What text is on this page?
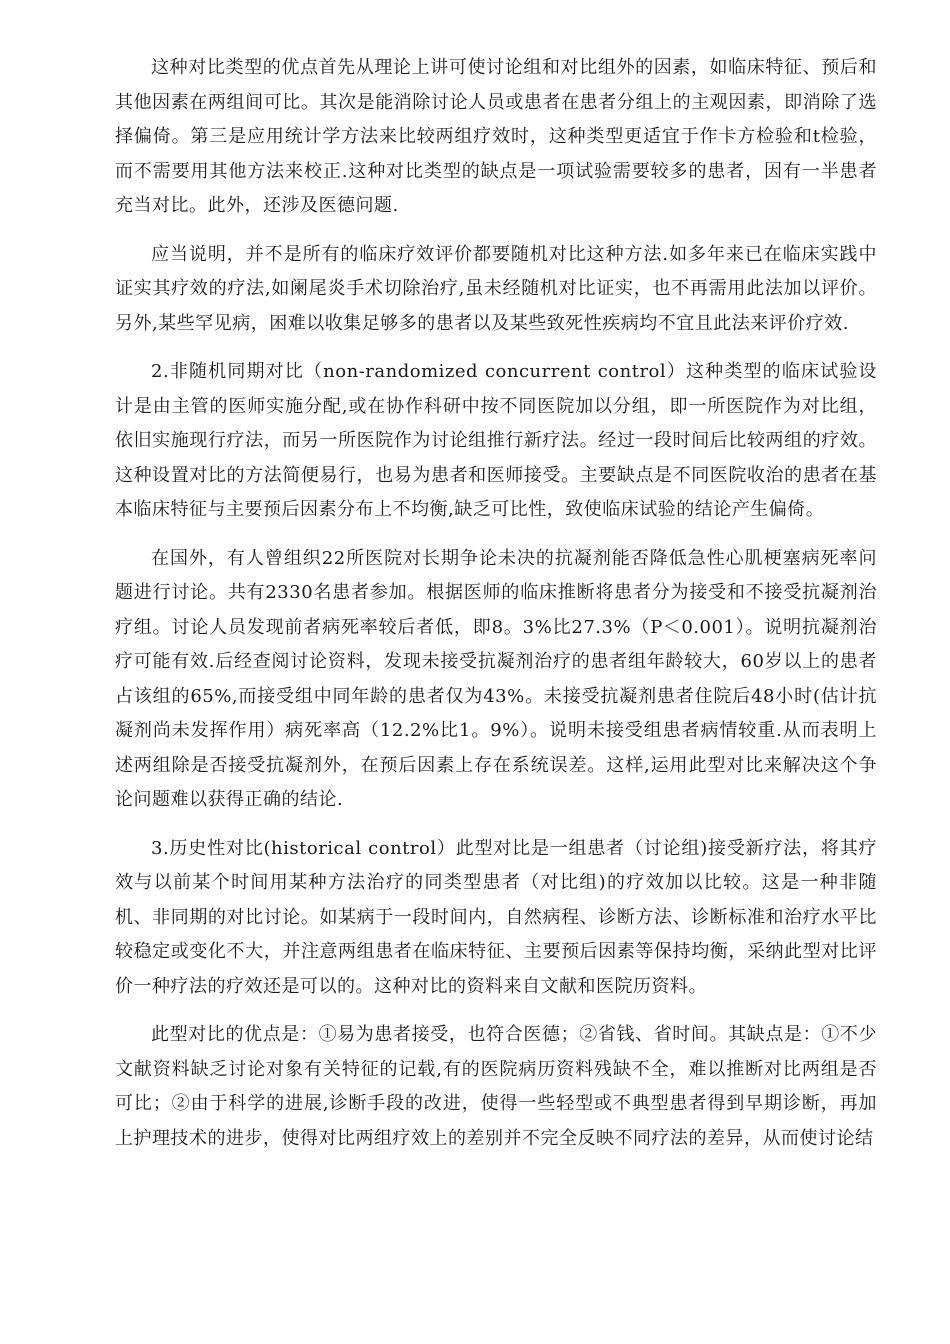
这种对比类型的优点首先从理论上讲可使讨论组和对比组外的因素，如临床特征、预后和其他因素在两组间可比。其次是能消除讨论人员或患者在患者分组上的主观因素，即消除了选择偏倚。第三是应用统计学方法来比较两组疗效时，这种类型更适宜于作卡方检验和t检验，而不需要用其他方法来校正.这种对比类型的缺点是一项试验需要较多的患者，因有一半患者充当对比。此外，还涉及医德问题.

应当说明，并不是所有的临床疗效评价都要随机对比这种方法.如多年来已在临床实践中证实其疗效的疗法,如阑尾炎手术切除治疗,虽未经随机对比证实，也不再需用此法加以评价。另外,某些罕见病，困难以收集足够多的患者以及某些致死性疾病均不宜且此法来评价疗效.

2.非随机同期对比（non-randomized concurrent control）这种类型的临床试验设计是由主管的医师实施分配,或在协作科研中按不同医院加以分组，即一所医院作为对比组，依旧实施现行疗法，而另一所医院作为讨论组推行新疗法。经过一段时间后比较两组的疗效。这种设置对比的方法简便易行，也易为患者和医师接受。主要缺点是不同医院收治的患者在基本临床特征与主要预后因素分布上不均衡,缺乏可比性，致使临床试验的结论产生偏倚。

在国外，有人曾组织22所医院对长期争论未决的抗凝剂能否降低急性心肌梗塞病死率问题进行讨论。共有2330名患者参加。根据医师的临床推断将患者分为接受和不接受抗凝剂治疗组。讨论人员发现前者病死率较后者低，即8。3%比27.3%（P＜0.001）。说明抗凝剂治疗可能有效.后经查阅讨论资料，发现未接受抗凝剂治疗的患者组年龄较大，60岁以上的患者占该组的65%,而接受组中同年龄的患者仅为43%。未接受抗凝剂患者住院后48小时(估计抗凝剂尚未发挥作用）病死率高（12.2%比1。9%）。说明未接受组患者病情较重.从而表明上述两组除是否接受抗凝剂外，在预后因素上存在系统误差。这样,运用此型对比来解决这个争论问题难以获得正确的结论.

3.历史性对比(historical control）此型对比是一组患者（讨论组)接受新疗法，将其疗效与以前某个时间用某种方法治疗的同类型患者（对比组)的疗效加以比较。这是一种非随机、非同期的对比讨论。如某病于一段时间内，自然病程、诊断方法、诊断标准和治疗水平比较稳定或变化不大，并注意两组患者在临床特征、主要预后因素等保持均衡，采纳此型对比评价一种疗法的疗效还是可以的。这种对比的资料来自文献和医院历资料。

此型对比的优点是：①易为患者接受，也符合医德；②省钱、省时间。其缺点是：①不少文献资料缺乏讨论对象有关特征的记载,有的医院病历资料残缺不全，难以推断对比两组是否可比；②由于科学的进展,诊断手段的改进，使得一些轻型或不典型患者得到早期诊断，再加上护理技术的进步，使得对比两组疗效上的差别并不完全反映不同疗法的差异，从而使讨论结
